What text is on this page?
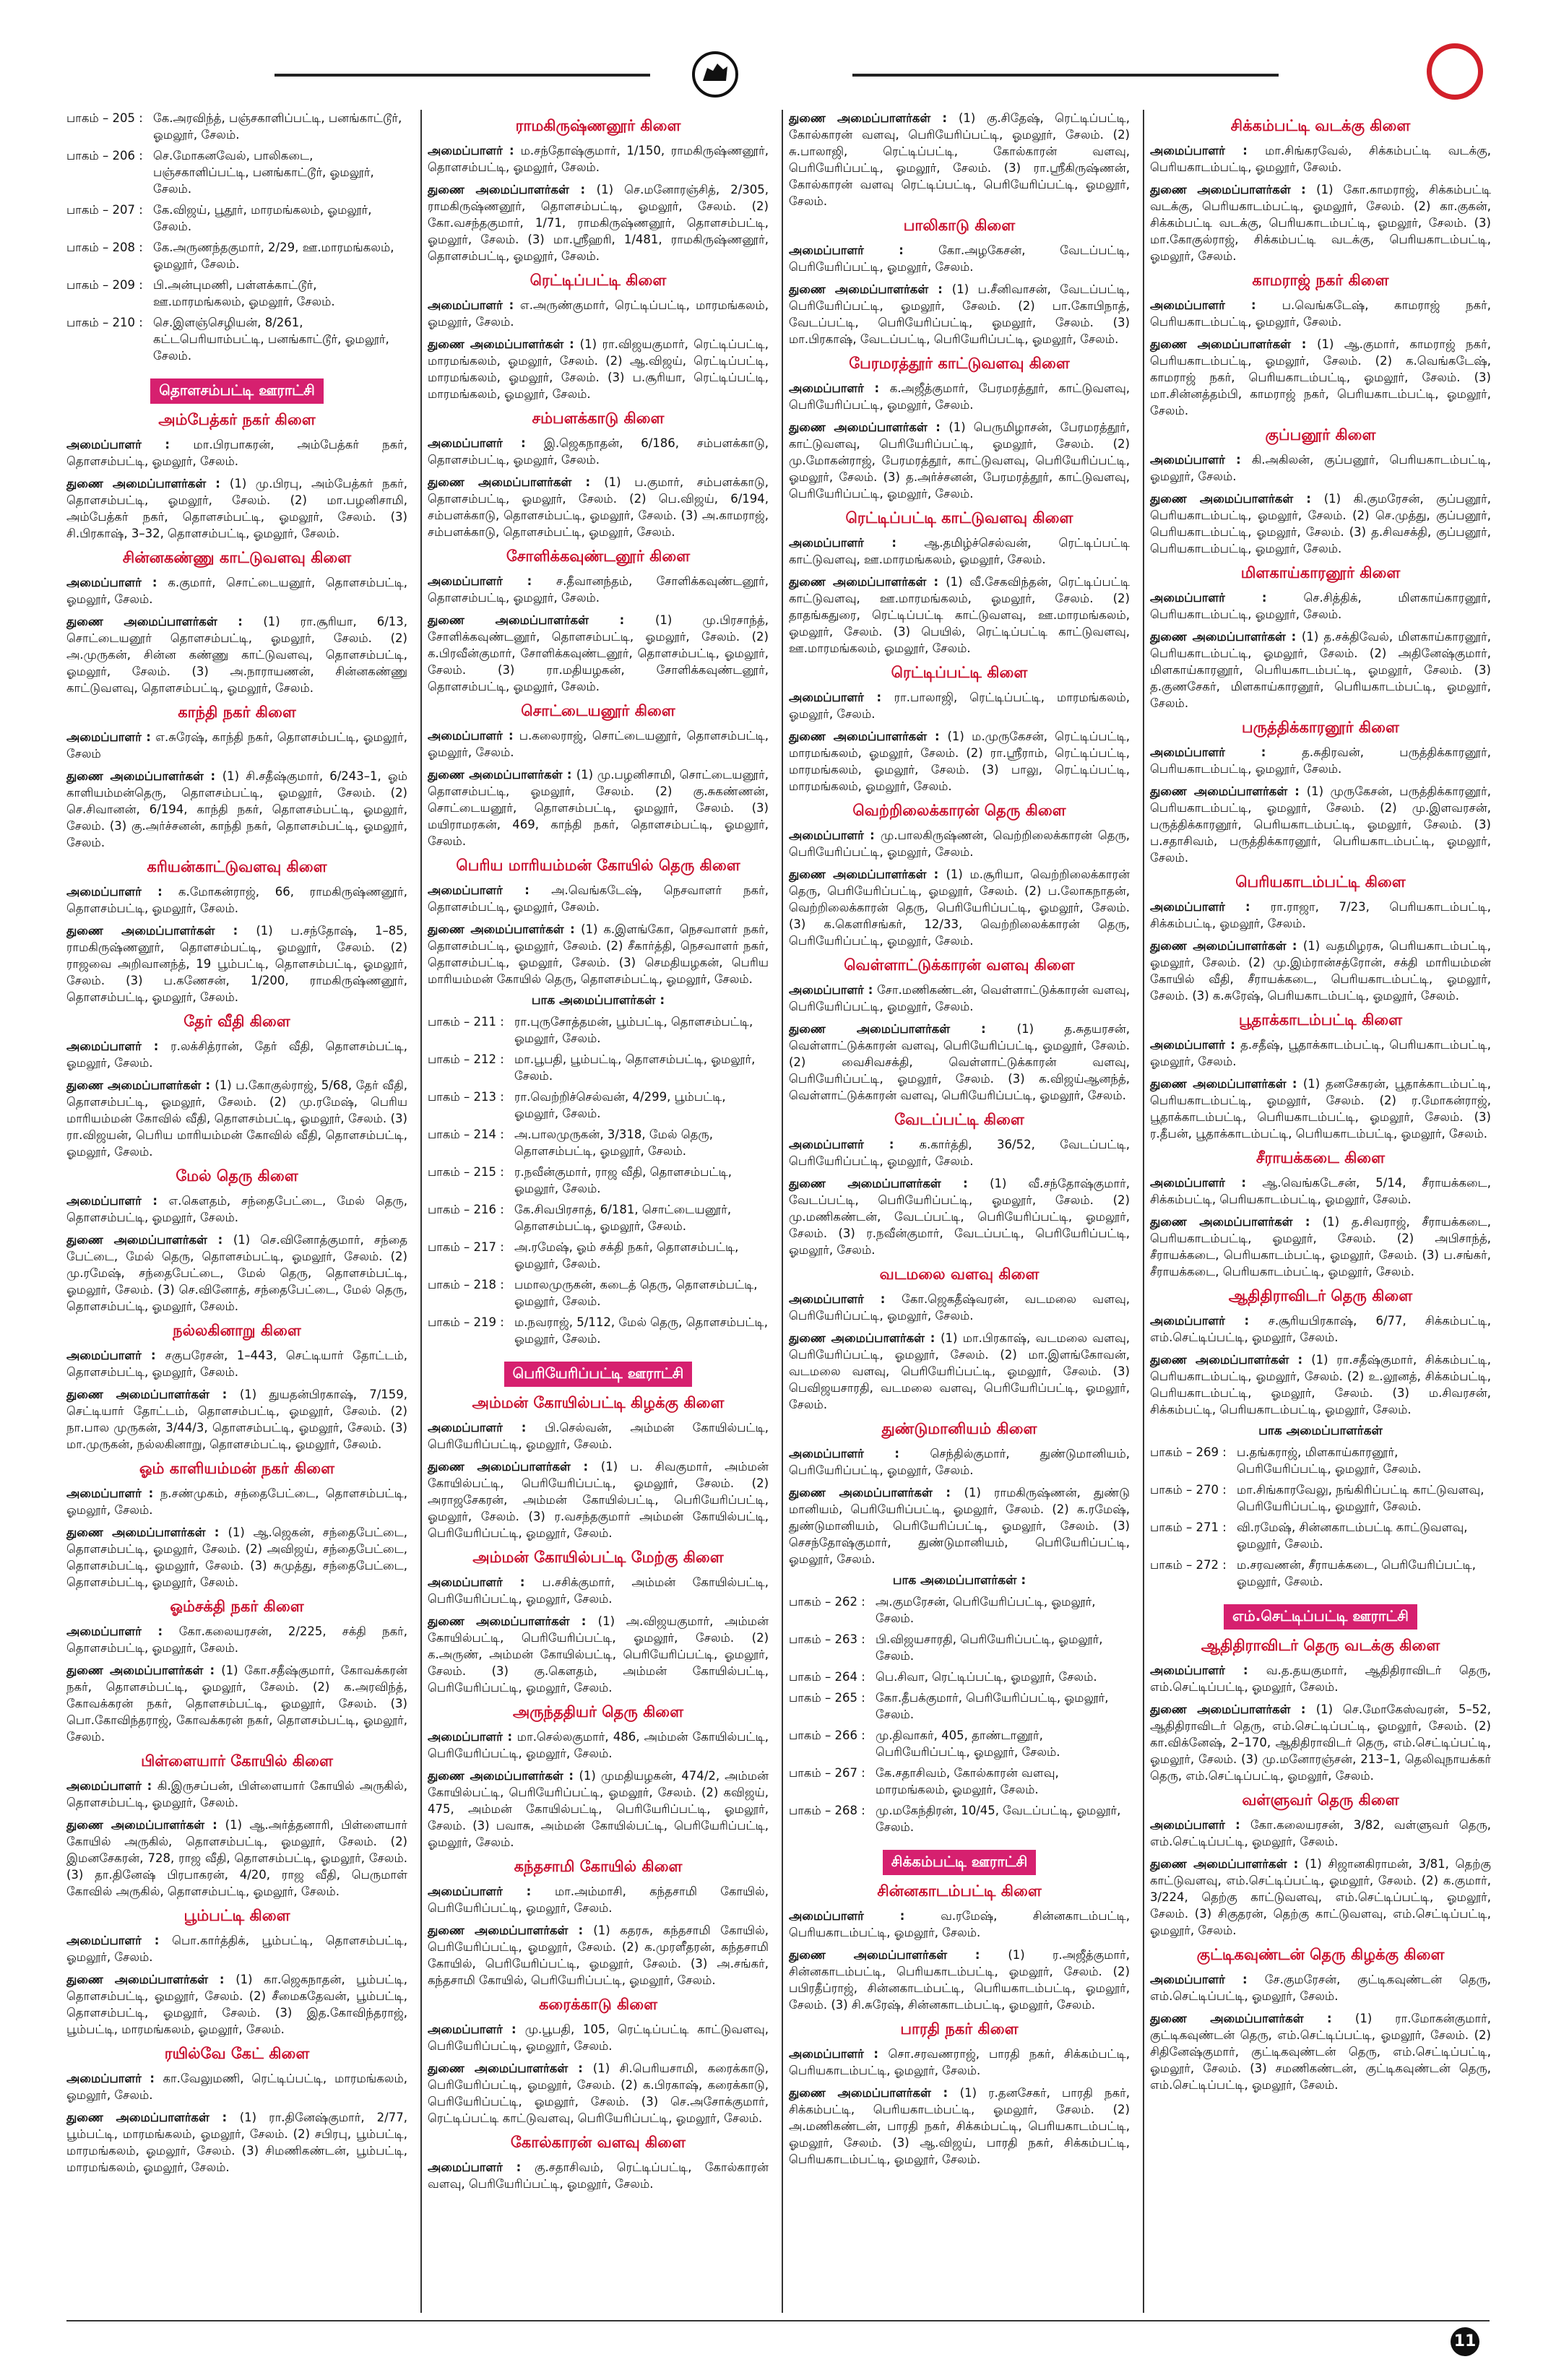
பாகம் – 205 :	கே.அரவிந்த், பஞ்சகாளிப்பட்டி, பனங்காட்டூர், ஓமலூர், சேலம்.
பாகம் – 206 :	செ.மோகனவேல், பாலிகடை, பஞ்சகாளிப்பட்டி, பனங்காட்டூர், ஓமலூர், சேலம்.
பாகம் – 207 :	கே.விஜய், பூதூர், மாரமங்கலம், ஓமலூர், சேலம்.
பாகம் – 208 :	கே.அருணந்தகுமார், 2/29, ஊ.மாரமங்கலம், ஓமலூர், சேலம்.
பாகம் – 209 :	பி.அன்புமணி, பள்ளக்காட்டூர், ஊ.மாரமங்கலம், ஓமலூர், சேலம்.
பாகம் – 210 :	செ.இளஞ்செழியன், 8/261, கட்டபெரியாம்பட்டி, பனங்காட்டூர், ஓமலூர், சேலம்.
தொளசம்பட்டி ஊராட்சி
அம்பேத்கர் நகர் கிளை

அமைப்பாளர் : மா.பிரபாகரன், அம்பேத்கர் நகர், தொளசம்பட்டி, ஓமலூர், சேலம்.

துணை அமைப்பாளர்கள் : (1) மு.பிரபு, அம்பேத்கர் நகர், தொளசம்பட்டி, ஓமலூர், சேலம். (2) மா.பழனிசாமி, அம்பேத்கர் நகர், தொளசம்பட்டி, ஓமலூர், சேலம். (3) சி.பிரகாஷ், 3–32, தொளசம்பட்டி, ஓமலூர், சேலம்.

சின்னகண்ணு காட்டுவளவு கிளை

அமைப்பாளர் : க.குமார், சொட்டையனூர், தொளசம்பட்டி, ஓமலூர், சேலம்.

துணை அமைப்பாளர்கள் : (1) ரா.சூரியா, 6/13, சொட்டையனூர் தொளசம்பட்டி, ஓமலூர், சேலம். (2) அ.முருகன், சின்ன கண்ணு காட்டுவளவு, தொளசம்பட்டி, ஓமலூர், சேலம். (3) அ.நாராயணன், சின்னகண்ணு காட்டுவளவு, தொளசம்பட்டி, ஓமலூர், சேலம்.

காந்தி நகர் கிளை

அமைப்பாளர் : எ.சுரேஷ், காந்தி நகர், தொளசம்பட்டி, ஓமலூர், சேலம்

துணை அமைப்பாளர்கள் : (1) சி.சதீஷ்குமார், 6/243–1, ஓம் காளியம்மன்தெரு, தொளசம்பட்டி, ஓமலூர், சேலம். (2) செ.சிவானன், 6/194, காந்தி நகர், தொளசம்பட்டி, ஓமலூர், சேலம். (3) கு.அர்ச்சனன், காந்தி நகர், தொளசம்பட்டி, ஓமலூர், சேலம்.

கரியன்காட்டுவளவு கிளை

அமைப்பாளர் : க.மோகன்ராஜ், 66, ராமகிருஷ்ணனூர், தொளசம்பட்டி, ஓமலூர், சேலம்.

துணை அமைப்பாளர்கள் : (1) ப.சந்தோஷ், 1–85, ராமகிருஷ்ணனூர், தொளசம்பட்டி, ஓமலூர், சேலம். (2) ராஜவை அறிவானந்த், 19 பூம்பட்டி, தொளசம்பட்டி, ஓமலூர், சேலம். (3) ப.கணேசன், 1/200, ராமகிருஷ்ணனூர், தொளசம்பட்டி, ஓமலூர், சேலம்.

தேர் வீதி கிளை

அமைப்பாளர் : ர.லக்சித்ரான், தேர் வீதி, தொளசம்பட்டி, ஓமலூர், சேலம்.

துணை அமைப்பாளர்கள் : (1) ப.கோகுல்ராஜ், 5/68, தேர் வீதி, தொளசம்பட்டி, ஓமலூர், சேலம். (2) மு.ரமேஷ், பெரிய மாரியம்மன் கோவில் வீதி, தொளசம்பட்டி, ஓமலூர், சேலம். (3) ரா.விஜயன், பெரிய மாரியம்மன் கோவில் வீதி, தொளசம்பட்டி, ஓமலூர், சேலம்.

மேல் தெரு கிளை

அமைப்பாளர் : எ.கௌதம், சந்தைபேட்டை, மேல் தெரு, தொளசம்பட்டி, ஓமலூர், சேலம்.

துணை அமைப்பாளர்கள் : (1) செ.வினோத்குமார், சந்தை பேட்டை, மேல் தெரு, தொளசம்பட்டி, ஓமலூர், சேலம். (2) மு.ரமேஷ், சந்தைபேட்டை, மேல் தெரு, தொளசம்பட்டி, ஓமலூர், சேலம். (3) செ.வினோத், சந்தைபேட்டை, மேல் தெரு, தொளசம்பட்டி, ஓமலூர், சேலம்.

நல்லகினாறு கிளை

அமைப்பாளர் : சகுபரேசன், 1–443, செட்டியார் தோட்டம், தொளசம்பட்டி, ஓமலூர், சேலம்.

துணை அமைப்பாளர்கள் : (1) துயதன்பிரகாஷ், 7/159, செட்டியார் தோட்டம், தொளசம்பட்டி, ஓமலூர், சேலம். (2) நா.பால முருகன், 3/44/3, தொளசம்பட்டி, ஓமலூர், சேலம். (3) மா.முருகன், நல்லகினாறு, தொளசம்பட்டி, ஓமலூர், சேலம்.

ஓம் காளியம்மன் நகர் கிளை

அமைப்பாளர் : ந.சண்முகம், சந்தைபேட்டை, தொளசம்பட்டி, ஓமலூர், சேலம்.

துணை அமைப்பாளர்கள் : (1) ஆ.ஜெகன், சந்தைபேட்டை, தொளசம்பட்டி, ஓமலூர், சேலம். (2) அவிஜய், சந்தைபேட்டை, தொளசம்பட்டி, ஓமலூர், சேலம். (3) சுமுத்து, சந்தைபேட்டை, தொளசம்பட்டி, ஓமலூர், சேலம்.

ஓம்சக்தி நகர் கிளை

அமைப்பாளர் : கோ.கலையரசன், 2/225, சக்தி நகர், தொளசம்பட்டி, ஓமலூர், சேலம்.

துணை அமைப்பாளர்கள் : (1) கோ.சதீஷ்குமார், கோவக்கரன் நகர், தொளசம்பட்டி, ஓமலூர், சேலம். (2) க.அரவிந்த், கோவக்கரன் நகர், தொளசம்பட்டி, ஓமலூர், சேலம். (3) பொ.கோவிந்தராஜ், கோவக்கரன் நகர், தொளசம்பட்டி, ஓமலூர், சேலம்.

பிள்ளையார் கோயில் கிளை

அமைப்பாளர் : கி.இருசப்பன், பிள்ளையார் கோயில் அருகில், தொளசம்பட்டி, ஓமலூர், சேலம்.

துணை அமைப்பாளர்கள் : (1) ஆ.அர்த்தனாரி, பிள்ளையார் கோயில் அருகில், தொளசம்பட்டி, ஓமலூர், சேலம். (2) இமனசேகரன், 728, ராஜ வீதி, தொளசம்பட்டி, ஓமலூர், சேலம். (3) தா.தினேஷ் பிரபாகரன், 4/20, ராஜ வீதி, பெருமாள் கோவில் அருகில், தொளசம்பட்டி, ஓமலூர், சேலம்.

பூம்பட்டி கிளை

அமைப்பாளர் : பொ.கார்த்திக், பூம்பட்டி, தொளசம்பட்டி, ஓமலூர், சேலம்.

துணை அமைப்பாளர்கள் : (1) கா.ஜெகநாதன், பூம்பட்டி, தொளசம்பட்டி, ஓமலூர், சேலம். (2) சீமைகதேவன், பூம்பட்டி, தொளசம்பட்டி, ஓமலூர், சேலம். (3) இத.கோவிந்தராஜ், பூம்பட்டி, மாரமங்கலம், ஓமலூர், சேலம்.

ரயில்வே கேட் கிளை

அமைப்பாளர் : கா.வேலுமணி, ரெட்டிப்பட்டி, மாரமங்கலம், ஓமலூர், சேலம்.

துணை அமைப்பாளர்கள் : (1) ரா.தினேஷ்குமார், 2/77, பூம்பட்டி, மாரமங்கலம், ஓமலூர், சேலம். (2) சபிரபு, பூம்பட்டி, மாரமங்கலம், ஓமலூர், சேலம். (3) சிமணிகண்டன், பூம்பட்டி, மாரமங்கலம், ஓமலூர், சேலம்.

ராமகிருஷ்ணனூர் கிளை

அமைப்பாளர் : ம.சந்தோஷ்குமார், 1/150, ராமகிருஷ்ணனூர், தொளசம்பட்டி, ஓமலூர், சேலம்.

துணை அமைப்பாளர்கள் : (1) செ.மனோரஞ்சித், 2/305, ராமகிருஷ்ணனூர், தொளசம்பட்டி, ஓமலூர், சேலம். (2) கோ.வசந்தகுமார், 1/71, ராமகிருஷ்ணனூர், தொளசம்பட்டி, ஓமலூர், சேலம். (3) மா.ஸ்ரீஹரி, 1/481, ராமகிருஷ்ணனூர், தொளசம்பட்டி, ஓமலூர், சேலம்.

ரெட்டிப்பட்டி கிளை

அமைப்பாளர் : எ.அருண்குமார், ரெட்டிப்பட்டி, மாரமங்கலம், ஓமலூர், சேலம்.

துணை அமைப்பாளர்கள் : (1) ரா.விஜயகுமார், ரெட்டிப்பட்டி, மாரமங்கலம், ஓமலூர், சேலம். (2) ஆ.விஜய், ரெட்டிப்பட்டி, மாரமங்கலம், ஓமலூர், சேலம். (3) ப.சூரியா, ரெட்டிப்பட்டி, மாரமங்கலம், ஓமலூர், சேலம்.

சம்பளக்காடு கிளை

அமைப்பாளர் : இ.ஜெகநாதன், 6/186, சம்பளக்காடு, தொளசம்பட்டி, ஓமலூர், சேலம்.

துணை அமைப்பாளர்கள் : (1) ப.குமார், சம்பளக்காடு, தொளசம்பட்டி, ஓமலூர், சேலம். (2) பெ.விஜய், 6/194, சம்பளக்காடு, தொளசம்பட்டி, ஓமலூர், சேலம். (3) அ.காமராஜ், சம்பளக்காடு, தொளசம்பட்டி, ஓமலூர், சேலம்.

சோளிக்கவுண்டனூர் கிளை

அமைப்பாளர் : ச.தீவானந்தம், சோளிக்கவுண்டனூர், தொளசம்பட்டி, ஓமலூர், சேலம்.

துணை அமைப்பாளர்கள் : (1) மு.பிரசாந்த், சோளிக்கவுண்டனூர், தொளசம்பட்டி, ஓமலூர், சேலம். (2) க.பிரவீன்குமார், சோளிக்கவுண்டனூர், தொளசம்பட்டி, ஓமலூர், சேலம். (3) ரா.மதியழகன், சோளிக்கவுண்டனூர், தொளசம்பட்டி, ஓமலூர், சேலம்.

சொட்டையனூர் கிளை

அமைப்பாளர் : ப.கலைராஜ், சொட்டையனூர், தொளசம்பட்டி, ஓமலூர், சேலம்.

துணை அமைப்பாளர்கள் : (1) மு.பழனிசாமி, சொட்டையனூர், தொளசம்பட்டி, ஓமலூர், சேலம். (2) கு.சுகண்ணன், சொட்டையனூர், தொளசம்பட்டி, ஓமலூர், சேலம். (3) மயிராமரகன், 469, காந்தி நகர், தொளசம்பட்டி, ஓமலூர், சேலம்.

பெரிய மாரியம்மன் கோயில் தெரு கிளை

அமைப்பாளர் : அ.வெங்கடேஷ், நெசவாளர் நகர், தொளசம்பட்டி, ஓமலூர், சேலம்.

துணை அமைப்பாளர்கள் : (1) க.இளங்கோ, நெசவாளர் நகர், தொளசம்பட்டி, ஓமலூர், சேலம். (2) சீகார்த்தி, நெசவாளர் நகர், தொளசம்பட்டி, ஓமலூர், சேலம். (3) செமதியழகன், பெரிய மாரியம்மன் கோயில் தெரு, தொளசம்பட்டி, ஓமலூர், சேலம்.

பாக அமைப்பாளர்கள் :
பாகம் – 211 :	ரா.புருசோத்தமன், பூம்பட்டி, தொளசம்பட்டி, ஓமலூர், சேலம்.
பாகம் – 212 :	மா.பூபதி, பூம்பட்டி, தொளசம்பட்டி, ஓமலூர், சேலம்.
பாகம் – 213 :	ரா.வெற்றிச்செல்வன், 4/299, பூம்பட்டி, ஓமலூர், சேலம்.
பாகம் – 214 :	அ.பாலமுருகன், 3/318, மேல் தெரு, தொளசம்பட்டி, ஓமலூர், சேலம்.
பாகம் – 215 :	ர.நவீன்குமார், ராஜ வீதி, தொளசம்பட்டி, ஓமலூர், சேலம்.
பாகம் – 216 :	கே.சிவபிரசாத், 6/181, சொட்டையனூர், தொளசம்பட்டி, ஓமலூர், சேலம்.
பாகம் – 217 :	அ.ரமேஷ், ஓம் சக்தி நகர், தொளசம்பட்டி, ஓமலூர், சேலம்.
பாகம் – 218 :	பமாலமுருகன், கடைத் தெரு, தொளசம்பட்டி, ஓமலூர், சேலம்.
பாகம் – 219 :	ம.நவராஜ், 5/112, மேல் தெரு, தொளசம்பட்டி, ஓமலூர், சேலம்.
பெரியேரிப்பட்டி ஊராட்சி
அம்மன் கோயில்பட்டி கிழக்கு கிளை

அமைப்பாளர் : பி.செல்வன், அம்மன் கோயில்பட்டி, பெரியேரிப்பட்டி, ஓமலூர், சேலம்.

துணை அமைப்பாளர்கள் : (1) ப. சிவகுமார், அம்மன் கோயில்பட்டி, பெரியேரிப்பட்டி, ஓமலூர், சேலம். (2) அராஜசேகரன், அம்மன் கோயில்பட்டி, பெரியேரிப்பட்டி, ஓமலூர், சேலம். (3) ர.வசந்தகுமார் அம்மன் கோயில்பட்டி, பெரியேரிப்பட்டி, ஓமலூர், சேலம்.

அம்மன் கோயில்பட்டி மேற்கு கிளை

அமைப்பாளர் : ப.சசிக்குமார், அம்மன் கோயில்பட்டி, பெரியேரிப்பட்டி, ஓமலூர், சேலம்.

துணை அமைப்பாளர்கள் : (1) அ.விஜயகுமார், அம்மன் கோயில்பட்டி, பெரியேரிப்பட்டி, ஓமலூர், சேலம். (2) க.அருண், அம்மன் கோயில்பட்டி, பெரியேரிப்பட்டி, ஓமலூர், சேலம். (3) கு.கௌதம், அம்மன் கோயில்பட்டி, பெரியேரிப்பட்டி, ஓமலூர், சேலம்.

அருந்ததியர் தெரு கிளை

அமைப்பாளர் : மா.செல்லகுமார், 486, அம்மன் கோயில்பட்டி, பெரியேரிப்பட்டி, ஓமலூர், சேலம்.

துணை அமைப்பாளர்கள் : (1) முமதியழகன், 474/2, அம்மன் கோயில்பட்டி, பெரியேரிப்பட்டி, ஓமலூர், சேலம். (2) கவிஜய், 475, அம்மன் கோயில்பட்டி, பெரியேரிப்பட்டி, ஓமலூர், சேலம். (3) பவாசு, அம்மன் கோயில்பட்டி, பெரியேரிப்பட்டி, ஓமலூர், சேலம்.

கந்தசாமி கோயில் கிளை

அமைப்பாளர் : மா.அம்மாசி, கந்தசாமி கோயில், பெரியேரிப்பட்டி, ஓமலூர், சேலம்.

துணை அமைப்பாளர்கள் : (1) கதரசு, கந்தசாமி கோயில், பெரியேரிப்பட்டி, ஓமலூர், சேலம். (2) க.முரளீதரன், கந்தசாமி கோயில், பெரியேரிப்பட்டி, ஓமலூர், சேலம். (3) அ.சங்கர், கந்தசாமி கோயில், பெரியேரிப்பட்டி, ஓமலூர், சேலம்.

கரைக்காடு கிளை

அமைப்பாளர் : மு.பூபதி, 105, ரெட்டிப்பட்டி காட்டுவளவு, பெரியேரிப்பட்டி, ஓமலூர், சேலம்.

துணை அமைப்பாளர்கள் : (1) சி.பெரியசாமி, கரைக்காடு, பெரியேரிப்பட்டி, ஓமலூர், சேலம். (2) க.பிரகாஷ், கரைக்காடு, பெரியேரிப்பட்டி, ஓமலூர், சேலம். (3) செ.அசோக்குமார், ரெட்டிப்பட்டி காட்டுவளவு, பெரியேரிப்பட்டி, ஓமலூர், சேலம்.

கோல்காரன் வளவு கிளை

அமைப்பாளர் : கு.சதாசிவம், ரெட்டிப்பட்டி, கோல்காரன் வளவு, பெரியேரிப்பட்டி, ஓமலூர், சேலம்.

துணை அமைப்பாளர்கள் : (1) கு.சிதேஷ், ரெட்டிப்பட்டி, கோல்காரன் வளவு, பெரியேரிப்பட்டி, ஓமலூர், சேலம். (2) சு.பாலாஜி, ரெட்டிப்பட்டி, கோல்காரன் வளவு, பெரியேரிப்பட்டி, ஓமலூர், சேலம். (3) ரா.ஸ்ரீகிருஷ்ணன், கோல்காரன் வளவு ரெட்டிப்பட்டி, பெரியேரிப்பட்டி, ஓமலூர், சேலம்.

பாலிகாடு கிளை

அமைப்பாளர் : கோ.அழகேசன், வேடப்பட்டி, பெரியேரிப்பட்டி, ஓமலூர், சேலம்.

துணை அமைப்பாளர்கள் : (1) ப.சீனிவாசன், வேடப்பட்டி, பெரியேரிப்பட்டி, ஓமலூர், சேலம். (2) பா.கோபிநாத், வேடப்பட்டி, பெரியேரிப்பட்டி, ஓமலூர், சேலம். (3) மா.பிரகாஷ், வேடப்பட்டி, பெரியேரிப்பட்டி, ஓமலூர், சேலம்.

பேரமரத்தூர் காட்டுவளவு கிளை

அமைப்பாளர் : க.அஜீத்குமார், பேரமரத்தூர், காட்டுவளவு, பெரியேரிப்பட்டி, ஓமலூர், சேலம்.

துணை அமைப்பாளர்கள் : (1) பெருமிழாசன், பேரமரத்தூர், காட்டுவளவு, பெரியேரிப்பட்டி, ஓமலூர், சேலம். (2) மு.மோகன்ராஜ், பேரமரத்தூர், காட்டுவளவு, பெரியேரிப்பட்டி, ஓமலூர், சேலம். (3) த.அர்ச்சனன், பேரமரத்தூர், காட்டுவளவு, பெரியேரிப்பட்டி, ஓமலூர், சேலம்.

ரெட்டிப்பட்டி காட்டுவளவு கிளை

அமைப்பாளர் : ஆ.தமிழ்ச்செல்வன், ரெட்டிப்பட்டி காட்டுவளவு, ஊ.மாரமங்கலம், ஓமலூர், சேலம்.

துணை அமைப்பாளர்கள் : (1) வீ.சேகவிந்தன், ரெட்டிப்பட்டி காட்டுவளவு, ஊ.மாரமங்கலம், ஓமலூர், சேலம். (2) தாதங்கதுரை, ரெட்டிப்பட்டி காட்டுவளவு, ஊ.மாரமங்கலம், ஓமலூர், சேலம். (3) பெயில், ரெட்டிப்பட்டி காட்டுவளவு, ஊ.மாரமங்கலம், ஓமலூர், சேலம்.

ரெட்டிப்பட்டி கிளை

அமைப்பாளர் : ரா.பாலாஜி, ரெட்டிப்பட்டி, மாரமங்கலம், ஓமலூர், சேலம்.

துணை அமைப்பாளர்கள் : (1) ம.முருகேசன், ரெட்டிப்பட்டி, மாரமங்கலம், ஓமலூர், சேலம். (2) ரா.ஸ்ரீராம், ரெட்டிப்பட்டி, மாரமங்கலம், ஓமலூர், சேலம். (3) பாலு, ரெட்டிப்பட்டி, மாரமங்கலம், ஓமலூர், சேலம்.

வெற்றிலைக்காரன் தெரு கிளை

அமைப்பாளர் : மு.பாலகிருஷ்ணன், வெற்றிலைக்காரன் தெரு, பெரியேரிப்பட்டி, ஓமலூர், சேலம்.

துணை அமைப்பாளர்கள் : (1) ம.சூரியா, வெற்றிலைக்காரன் தெரு, பெரியேரிப்பட்டி, ஓமலூர், சேலம். (2) ப.லோகநாதன், வெற்றிலைக்காரன் தெரு, பெரியேரிப்பட்டி, ஓமலூர், சேலம். (3) க.கௌரிசங்கர், 12/33, வெற்றிலைக்காரன் தெரு, பெரியேரிப்பட்டி, ஓமலூர், சேலம்.

வெள்ளாட்டுக்காரன் வளவு கிளை

அமைப்பாளர் : சோ.மணிகண்டன், வெள்ளாட்டுக்காரன் வளவு, பெரியேரிப்பட்டி, ஓமலூர், சேலம்.

துணை அமைப்பாளர்கள் : (1) த.சுதயரசன், வெள்ளாட்டுக்காரன் வளவு, பெரியேரிப்பட்டி, ஓமலூர், சேலம். (2) வைசிவசக்தி, வெள்ளாட்டுக்காரன் வளவு, பெரியேரிப்பட்டி, ஓமலூர், சேலம். (3) க.விஜய்ஆனந்த், வெள்ளாட்டுக்காரன் வளவு, பெரியேரிப்பட்டி, ஓமலூர், சேலம்.

வேடப்பட்டி கிளை

அமைப்பாளர் : க.கார்த்தி, 36/52, வேடப்பட்டி, பெரியேரிப்பட்டி, ஓமலூர், சேலம்.

துணை அமைப்பாளர்கள் : (1) வீ.சந்தோஷ்குமார், வேடப்பட்டி, பெரியேரிப்பட்டி, ஓமலூர், சேலம். (2) மு.மணிகண்டன், வேடப்பட்டி, பெரியேரிப்பட்டி, ஓமலூர், சேலம். (3) ர.நவீன்குமார், வேடப்பட்டி, பெரியேரிப்பட்டி, ஓமலூர், சேலம்.

வடமலை வளவு கிளை

அமைப்பாளர் : கோ.ஜெகதீஷ்வரன், வடமலை வளவு, பெரியேரிப்பட்டி, ஓமலூர், சேலம்.

துணை அமைப்பாளர்கள் : (1) மா.பிரகாஷ், வடமலை வளவு, பெரியேரிப்பட்டி, ஓமலூர், சேலம். (2) மா.இளங்கோவன், வடமலை வளவு, பெரியேரிப்பட்டி, ஓமலூர், சேலம். (3) பெவிஜயசாரதி, வடமலை வளவு, பெரியேரிப்பட்டி, ஓமலூர், சேலம்.

துண்டுமானியம் கிளை

அமைப்பாளர் : செந்தில்குமார், துண்டுமானியம், பெரியேரிப்பட்டி, ஓமலூர், சேலம்.

துணை அமைப்பாளர்கள் : (1) ராமகிருஷ்ணன், துண்டு மானியம், பெரியேரிப்பட்டி, ஓமலூர், சேலம். (2) க.ரமேஷ், துண்டுமானியம், பெரியேரிப்பட்டி, ஓமலூர், சேலம். (3) செசந்தோஷ்குமார், துண்டுமானியம், பெரியேரிப்பட்டி, ஓமலூர், சேலம்.

பாக அமைப்பாளர்கள் :
பாகம் – 262 :	அ.குமரேசன், பெரியேரிப்பட்டி, ஓமலூர், சேலம்.
பாகம் – 263 :	பி.விஜயசாரதி, பெரியேரிப்பட்டி, ஓமலூர், சேலம்.
பாகம் – 264 :	பெ.சிவா, ரெட்டிப்பட்டி, ஓமலூர், சேலம்.
பாகம் – 265 :	கோ.தீபக்குமார், பெரியேரிப்பட்டி, ஓமலூர், சேலம்.
பாகம் – 266 :	மு.திவாகர், 405, தாண்டானூர், பெரியேரிப்பட்டி, ஓமலூர், சேலம்.
பாகம் – 267 :	கே.சதாசிவம், கோல்காரன் வளவு, மாரமங்கலம், ஓமலூர், சேலம்.
பாகம் – 268 :	மு.மகேந்திரன், 10/45, வேடப்பட்டி, ஓமலூர், சேலம்.
சிக்கம்பட்டி ஊராட்சி
சின்னகாடம்பட்டி கிளை

அமைப்பாளர் : வ.ரமேஷ், சின்னகாடம்பட்டி, பெரியகாடம்பட்டி, ஓமலூர், சேலம்.

துணை அமைப்பாளர்கள் : (1) ர.அஜீத்குமார், சின்னகாடம்பட்டி, பெரியகாடம்பட்டி, ஓமலூர், சேலம். (2) பபிரதீப்ராஜ், சின்னகாடம்பட்டி, பெரியகாடம்பட்டி, ஓமலூர், சேலம். (3) சி.சுரேஷ், சின்னகாடம்பட்டி, ஓமலூர், சேலம்.

பாரதி நகர் கிளை

அமைப்பாளர் : சொ.சரவணராஜ், பாரதி நகர், சிக்கம்பட்டி, பெரியகாடம்பட்டி, ஓமலூர், சேலம்.

துணை அமைப்பாளர்கள் : (1) ர.தனசேகர், பாரதி நகர், சிக்கம்பட்டி, பெரியகாடம்பட்டி, ஓமலூர், சேலம். (2) அ.மணிகண்டன், பாரதி நகர், சிக்கம்பட்டி, பெரியகாடம்பட்டி, ஓமலூர், சேலம். (3) ஆ.விஜய், பாரதி நகர், சிக்கம்பட்டி, பெரியகாடம்பட்டி, ஓமலூர், சேலம்.

சிக்கம்பட்டி வடக்கு கிளை

அமைப்பாளர் : மா.சிங்கரவேல், சிக்கம்பட்டி வடக்கு, பெரியகாடம்பட்டி, ஓமலூர், சேலம்.

துணை அமைப்பாளர்கள் : (1) கோ.காமராஜ், சிக்கம்பட்டி வடக்கு, பெரியகாடம்பட்டி, ஓமலூர், சேலம். (2) கா.குகன், சிக்கம்பட்டி வடக்கு, பெரியகாடம்பட்டி, ஓமலூர், சேலம். (3) மா.கோகுல்ராஜ், சிக்கம்பட்டி வடக்கு, பெரியகாடம்பட்டி, ஓமலூர், சேலம்.

காமராஜ் நகர் கிளை

அமைப்பாளர் : ப.வெங்கடேஷ், காமராஜ் நகர், பெரியகாடம்பட்டி, ஓமலூர், சேலம்.

துணை அமைப்பாளர்கள் : (1) ஆ.குமார், காமராஜ் நகர், பெரியகாடம்பட்டி, ஓமலூர், சேலம். (2) க.வெங்கடேஷ், காமராஜ் நகர், பெரியகாடம்பட்டி, ஓமலூர், சேலம். (3) மா.சின்னத்தம்பி, காமராஜ் நகர், பெரியகாடம்பட்டி, ஓமலூர், சேலம்.

குப்பனூர் கிளை

அமைப்பாளர் : கி.அகிலன், குப்பனூர், பெரியகாடம்பட்டி, ஓமலூர், சேலம்.

துணை அமைப்பாளர்கள் : (1) கி.குமரேசன், குப்பனூர், பெரியகாடம்பட்டி, ஓமலூர், சேலம். (2) செ.முத்து, குப்பனூர், பெரியகாடம்பட்டி, ஓமலூர், சேலம். (3) த.சிவசக்தி, குப்பனூர், பெரியகாடம்பட்டி, ஓமலூர், சேலம்.

மிளகாய்காரனூர் கிளை

அமைப்பாளர் : செ.சித்திக், மிளகாய்காரனூர், பெரியகாடம்பட்டி, ஓமலூர், சேலம்.

துணை அமைப்பாளர்கள் : (1) த.சக்திவேல், மிளகாய்காரனூர், பெரியகாடம்பட்டி, ஓமலூர், சேலம். (2) அதினேஷ்குமார், மிளகாய்காரனூர், பெரியகாடம்பட்டி, ஓமலூர், சேலம். (3) த.குணசேகர், மிளகாய்காரனூர், பெரியகாடம்பட்டி, ஓமலூர், சேலம்.

பருத்திக்காரனூர் கிளை

அமைப்பாளர் : த.சுதிரவன், பருத்திக்காரனூர், பெரியகாடம்பட்டி, ஓமலூர், சேலம்.

துணை அமைப்பாளர்கள் : (1) முருகேசன், பருத்திக்காரனூர், பெரியகாடம்பட்டி, ஓமலூர், சேலம். (2) மு.இளவரசன், பருத்திக்காரனூர், பெரியகாடம்பட்டி, ஓமலூர், சேலம். (3) ப.சதாசிவம், பருத்திக்காரனூர், பெரியகாடம்பட்டி, ஓமலூர், சேலம்.

பெரியகாடம்பட்டி கிளை

அமைப்பாளர் : ரா.ராஜா, 7/23, பெரியகாடம்பட்டி, சிக்கம்பட்டி, ஓமலூர், சேலம்.

துணை அமைப்பாளர்கள் : (1) வதமிழரசு, பெரியகாடம்பட்டி, ஓமலூர், சேலம். (2) மு.இம்ரான்சத்ரோன், சக்தி மாரியம்மன் கோயில் வீதி, சீராயக்கடை, பெரியகாடம்பட்டி, ஓமலூர், சேலம். (3) க.சுரேஷ், பெரியகாடம்பட்டி, ஓமலூர், சேலம்.

பூதாக்காடம்பட்டி கிளை

அமைப்பாளர் : த.சதீஷ், பூதாக்காடம்பட்டி, பெரியகாடம்பட்டி, ஓமலூர், சேலம்.

துணை அமைப்பாளர்கள் : (1) தனசேகரன், பூதாக்காடம்பட்டி, பெரியகாடம்பட்டி, ஓமலூர், சேலம். (2) ர.மோகன்ராஜ், பூதாக்காடம்பட்டி, பெரியகாடம்பட்டி, ஓமலூர், சேலம். (3) ர.தீபன், பூதாக்காடம்பட்டி, பெரியகாடம்பட்டி, ஓமலூர், சேலம்.

சீராயக்கடை கிளை

அமைப்பாளர் : ஆ.வெங்கடேசன், 5/14, சீராயக்கடை, சிக்கம்பட்டி, பெரியகாடம்பட்டி, ஓமலூர், சேலம்.

துணை அமைப்பாளர்கள் : (1) த.சிவராஜ், சீராயக்கடை, பெரியகாடம்பட்டி, ஓமலூர், சேலம். (2) அபிசாந்த், சீராயக்கடை, பெரியகாடம்பட்டி, ஓமலூர், சேலம். (3) ப.சங்கர், சீராயக்கடை, பெரியகாடம்பட்டி, ஓமலூர், சேலம்.

ஆதிதிராவிடர் தெரு கிளை

அமைப்பாளர் : ச.சூரியபிரகாஷ், 6/77, சிக்கம்பட்டி, எம்.செட்டிப்பட்டி, ஓமலூர், சேலம்.

துணை அமைப்பாளர்கள் : (1) ரா.சதீஷ்குமார், சிக்கம்பட்டி, பெரியகாடம்பட்டி, ஓமலூர், சேலம். (2) உ.லூனத், சிக்கம்பட்டி, பெரியகாடம்பட்டி, ஓமலூர், சேலம். (3) ம.சிவரசன், சிக்கம்பட்டி, பெரியகாடம்பட்டி, ஓமலூர், சேலம்.

பாக அமைப்பாளர்கள்
பாகம் – 269 :	ப.தங்கராஜ், மிளகாய்காரனூர், பெரியேரிப்பட்டி, ஓமலூர், சேலம்.
பாகம் – 270 :	மா.சிங்காரவேலு, நங்கிரிப்பட்டி காட்டுவளவு, பெரியேரிப்பட்டி, ஓமலூர், சேலம்.
பாகம் – 271 :	வி.ரமேஷ், சின்னகாடம்பட்டி காட்டுவளவு, ஓமலூர், சேலம்.
பாகம் – 272 :	ம.சரவணன், சீராயக்கடை, பெரியேரிப்பட்டி, ஓமலூர், சேலம்.
எம்.செட்டிப்பட்டி ஊராட்சி
ஆதிதிராவிடர் தெரு வடக்கு கிளை

அமைப்பாளர் : வ.த.தயகுமார், ஆதிதிராவிடர் தெரு, எம்.செட்டிப்பட்டி, ஓமலூர், சேலம்.

துணை அமைப்பாளர்கள் : (1) செ.மோகேஸ்வரன், 5–52, ஆதிதிராவிடர் தெரு, எம்.செட்டிப்பட்டி, ஓமலூர், சேலம். (2) கா.விக்னேஷ், 2–170, ஆதிதிராவிடர் தெரு, எம்.செட்டிப்பட்டி, ஓமலூர், சேலம். (3) மு.மனோரஞ்சன், 213–1, தெலிவுநாயக்கர் தெரு, எம்.செட்டிப்பட்டி, ஓமலூர், சேலம்.

வள்ளுவர் தெரு கிளை

அமைப்பாளர் : கோ.கலையரசன், 3/82, வள்ளுவர் தெரு, எம்.செட்டிப்பட்டி, ஓமலூர், சேலம்.

துணை அமைப்பாளர்கள் : (1) சிஜானகிராமன், 3/81, தெற்கு காட்டுவளவு, எம்.செட்டிப்பட்டி, ஓமலூர், சேலம். (2) க.குமார், 3/224, தெற்கு காட்டுவளவு, எம்.செட்டிப்பட்டி, ஓமலூர், சேலம். (3) சிகுதரன், தெற்கு காட்டுவளவு, எம்.செட்டிப்பட்டி, ஓமலூர், சேலம்.

குட்டிகவுண்டன் தெரு கிழக்கு கிளை

அமைப்பாளர் : சே.குமரேசன், குட்டிகவுண்டன் தெரு, எம்.செட்டிப்பட்டி, ஓமலூர், சேலம்.

துணை அமைப்பாளர்கள் : (1) ரா.மோகன்குமார், குட்டிகவுண்டன் தெரு, எம்.செட்டிப்பட்டி, ஓமலூர், சேலம். (2) சிதினேஷ்குமார், குட்டிகவுண்டன் தெரு, எம்.செட்டிப்பட்டி, ஓமலூர், சேலம். (3) சமணிகண்டன், குட்டிகவுண்டன் தெரு, எம்.செட்டிப்பட்டி, ஓமலூர், சேலம்.

11
